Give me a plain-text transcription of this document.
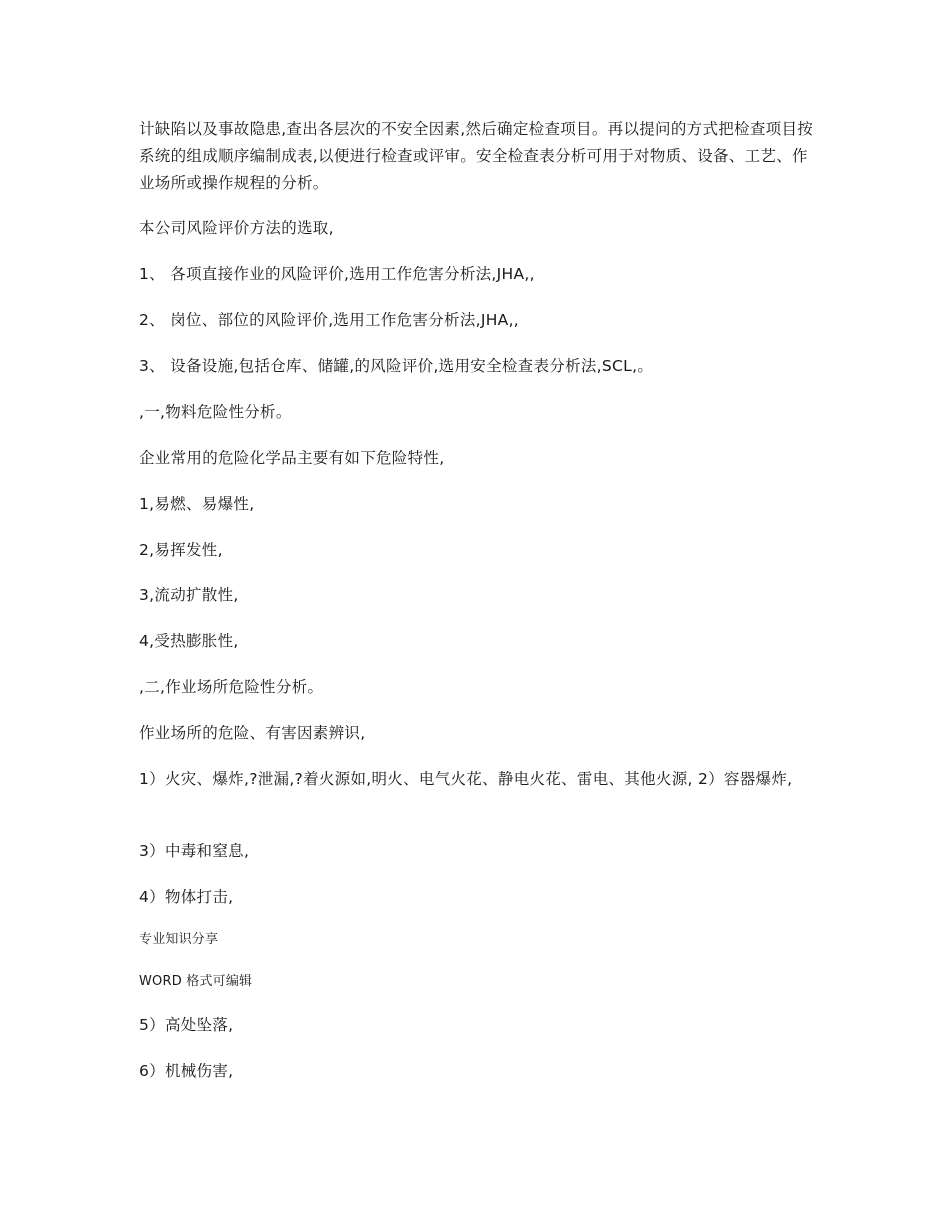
计缺陷以及事故隐患,查出各层次的不安全因素,然后确定检查项目。再以提问的方式把检查项目按系统的组成顺序编制成表,以便进行检查或评审。安全检查表分析可用于对物质、设备、工艺、作业场所或操作规程的分析。

本公司风险评价方法的选取,

1、 各项直接作业的风险评价,选用工作危害分析法,JHA,,

2、 岗位、部位的风险评价,选用工作危害分析法,JHA,,

3、 设备设施,包括仓库、储罐,的风险评价,选用安全检查表分析法,SCL,。

,一,物料危险性分析。

企业常用的危险化学品主要有如下危险特性,

1,易燃、易爆性,

2,易挥发性,

3,流动扩散性,

4,受热膨胀性,

,二,作业场所危险性分析。

作业场所的危险、有害因素辨识,

1）火灾、爆炸,?泄漏,?着火源如,明火、电气火花、静电火花、雷电、其他火源, 2）容器爆炸,

3）中毒和窒息,

4）物体打击,

专业知识分享

WORD 格式可编辑

5）高处坠落,

6）机械伤害,
